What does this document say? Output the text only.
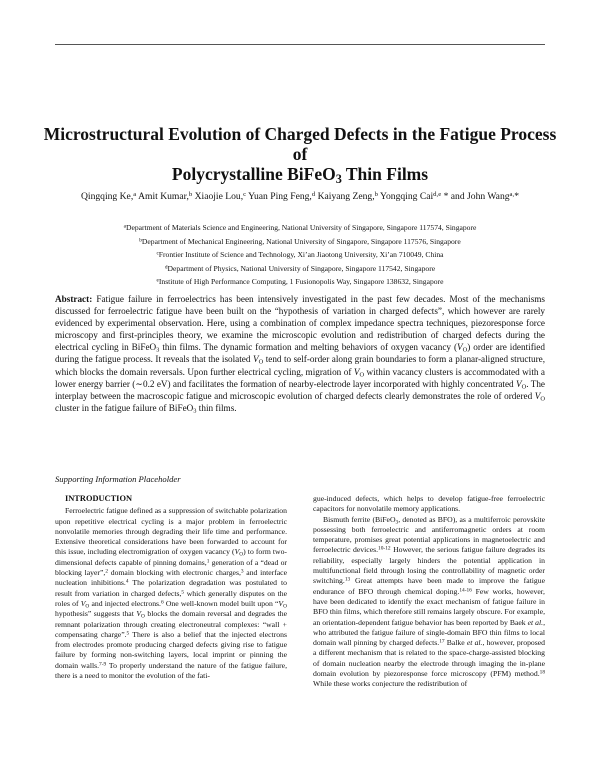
Microstructural Evolution of Charged Defects in the Fatigue Process of
Polycrystalline BiFeO$_3$ Thin Films
Qingqing Ke,$^a$ Amit Kumar,$^b$ Xiaojie Lou,$^c$ Yuan Ping Feng,$^d$ Kaiyang Zeng,$^b$ Yongqing Cai$^{d,e}$ * and John Wang$^{a,}$*
$^a$Department of Materials Science and Engineering, National University of Singapore, Singapore 117574, Singapore
$^b$Department of Mechanical Engineering, National University of Singapore, Singapore 117576, Singapore
$^c$Frontier Institute of Science and Technology, Xi’an Jiaotong University, Xi’an 710049, China
$^d$Department of Physics, National University of Singapore, Singapore 117542, Singapore
$^e$Institute of High Performance Computing, 1 Fusionopolis Way, Singapore 138632, Singapore
Abstract: Fatigue failure in ferroelectrics has been intensively investigated in the past few decades. Most of the mechanisms discussed for ferroelectric fatigue have been built on the “hypothesis of variation in charged defects”, which however are rarely evidenced by experimental observation. Here, using a combination of complex impedance spectra techniques, piezoresponse force microscopy and first-principles theory, we examine the microscopic evolution and redistribution of charged defects during the electrical cycling in BiFeO$_3$ thin films. The dynamic formation and melting behaviors of oxygen vacancy $(V_O)$ order are identified during the fatigue process. It reveals that the isolated $V_O$ tend to self-order along grain boundaries to form a planar-aligned structure, which blocks the domain reversals. Upon further electrical cycling, migration of $V_O$ within vacancy clusters is accommodated with a lower energy barrier (∼0.2 eV) and facilitates the formation of nearby-electrode layer incorporated with highly concentrated $V_O$. The interplay between the macroscopic fatigue and microscopic evolution of charged defects clearly demonstrates the role of ordered $V_O$ cluster in the fatigue failure of BiFeO$_3$ thin films.
Supporting Information Placeholder
INTRODUCTION

Ferroelectric fatigue defined as a suppression of switchable polarization upon repetitive electrical cycling is a major problem in ferroelectric nonvolatile memories through degrading their life time and performance. Extensive theoretical considerations have been forwarded to account for this issue, including electromigration of oxygen vacancy $(V_O)$ to form two-dimensional defects capable of pinning domains,$^1$ generation of a “dead or blocking layer”,$^2$ domain blocking with electronic charges,$^3$ and interface nucleation inhibitions.$^4$ The polarization degradation was postulated to result from variation in charged defects,$^5$ which generally disputes on the roles of $V_O$ and injected electrons.$^6$ One well-known model built upon “$V_O$ hypothesis” suggests that $V_O$ blocks the domain reversal and degrades the remnant polarization through creating electroneutral complexes: “wall + compensating charge”.$^5$ There is also a belief that the injected electrons from electrodes promote producing charged defects giving rise to fatigue failure by forming non-switching layers, local imprint or pinning the domain walls.$^{7-9}$ To properly understand the nature of the fatigue failure, there is a need to monitor the evolution of the fati-

gue-induced defects, which helps to develop fatigue-free ferroelectric capacitors for nonvolatile memory applications.

Bismuth ferrite (BiFeO$_3$, denoted as BFO), as a multiferroic perovskite possessing both ferroelectric and antiferromagnetic orders at room temperature, promises great potential applications in magnetoelectric and ferroelectric devices.$^{10-12}$ However, the serious fatigue failure degrades its reliability, especially largely hinders the potential application in multifunctional field through losing the controllability of magnetic order switching.$^{13}$ Great attempts have been made to improve the fatigue endurance of BFO through chemical doping.$^{14-16}$ Few works, however, have been dedicated to identify the exact mechanism of fatigue failure in BFO thin films, which therefore still remains largely obscure. For example, an orientation-dependent fatigue behavior has been reported by Baek et al., who attributed the fatigue failure of single-domain BFO thin films to local domain wall pinning by charged defects.$^{17}$ Balke et al., however, proposed a different mechanism that is related to the space-charge-assisted blocking of domain nucleation nearby the electrode through imaging the in-plane domain evolution by piezoresponse force microscopy (PFM) method.$^{18}$ While these works conjecture the redistribution of
